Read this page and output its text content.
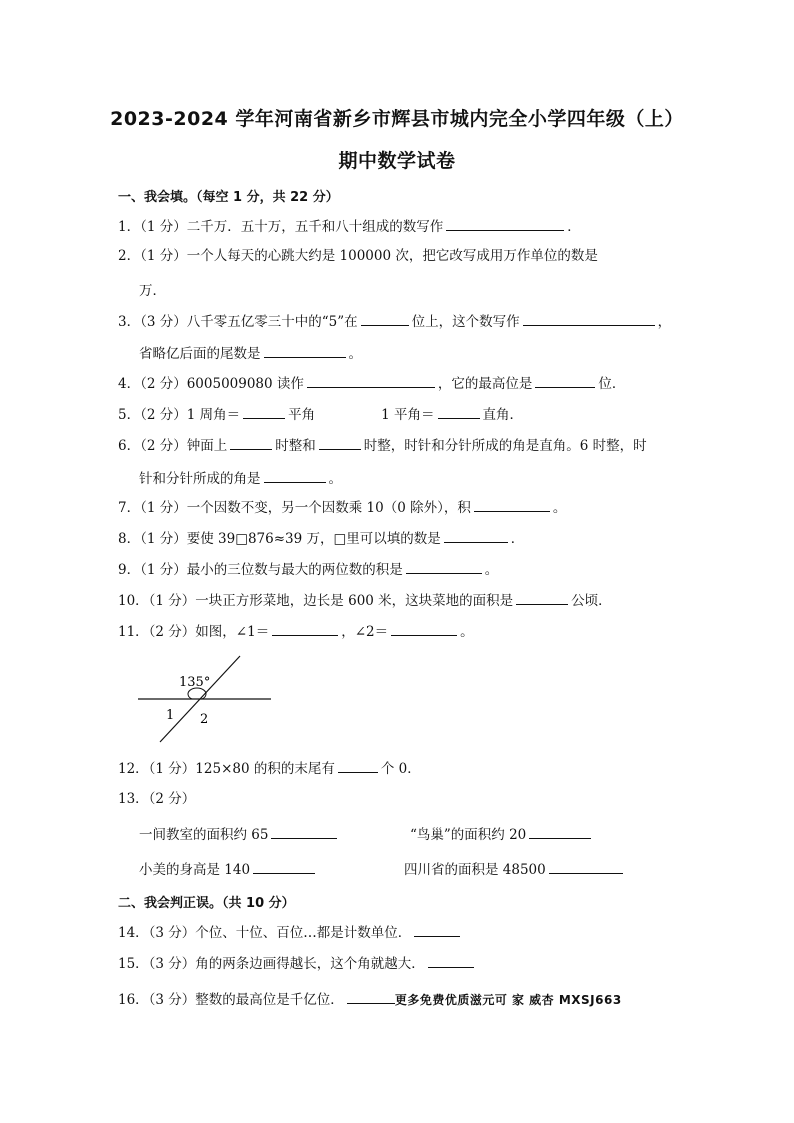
2023-2024 学年河南省新乡市辉县市城内完全小学四年级（上）
期中数学试卷
一、我会填。（每空 1 分，共 22 分）
1．（1 分）二千万．五十万，五千和八十组成的数写作	．
2．（1 分）一个人每天的心跳大约是 100000 次，把它改写成用万作单位的数是
万．
3．（3 分）八千零五亿零三十中的“5”在	位上，这个数写作	，
省略亿后面的尾数是	。
4．（2 分）6005009080 读作	，它的最高位是	位．
5．（2 分）1 周角＝	平角	1 平角＝	直角．
6．（2 分）钟面上	时整和	时整，时针和分针所成的角是直角。6 时整，时
针和分针所成的角是	。
7．（1 分）一个因数不变，另一个因数乘 10（0 除外），积	。
8．（1 分）要使 39□876≈39 万，□里可以填的数是	．
9．（1 分）最小的三位数与最大的两位数的积是	。
10．（1 分）一块正方形菜地，边长是 600 米，这块菜地的面积是	公顷．
11．（2 分）如图，∠1＝	，∠2＝	。
135°
1 2
12．（1 分）125×80 的积的末尾有	个 0．
13．（2 分）
一间教室的面积约 65	“鸟巢”的面积约 20
小美的身高是 140	四川省的面积是 48500
二、我会判正误。（共 10 分）
14．（3 分）个位、十位、百位…都是计数单位．
15．（3 分）角的两条边画得越长，这个角就越大．
16．（3 分）整数的最高位是千亿位．	更多免费优质滋元可 家 威杏 MXSJ663
